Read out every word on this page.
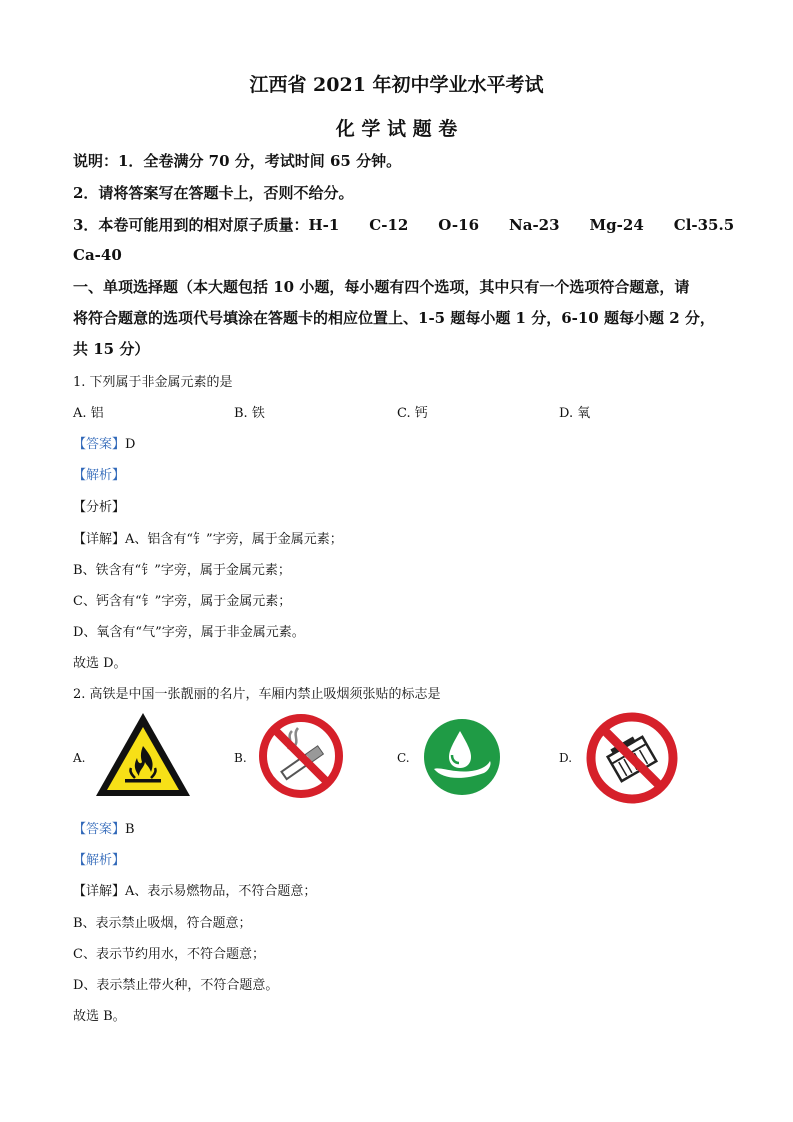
江西省 2021 年初中学业水平考试
化 学 试 题 卷
说明：1．全卷满分 70 分，考试时间 65 分钟。
2．请将答案写在答题卡上，否则不给分。
3．本卷可能用到的相对原子质量：H-1　　C-12　　O-16　　Na-23　　Mg-24　　Cl-35.5
Ca-40
一、单项选择题（本大题包括 10 小题，每小题有四个选项，其中只有一个选项符合题意，请
将符合题意的选项代号填涂在答题卡的相应位置上、1-5 题每小题 1 分，6-10 题每小题 2 分，
共 15 分）
1. 下列属于非金属元素的是
A. 铝	B. 铁	C. 钙	D. 氧
【答案】D
【解析】
【分析】
【详解】A、铝含有“钅”字旁，属于金属元素；
B、铁含有“钅”字旁，属于金属元素；
C、钙含有“钅”字旁，属于金属元素；
D、氧含有“气”字旁，属于非金属元素。
故选 D。
2. 高铁是中国一张靓丽的名片，车厢内禁止吸烟须张贴的标志是
A.	B.	C.	D.
【答案】B
【解析】
【详解】A、表示易燃物品，不符合题意；
B、表示禁止吸烟，符合题意；
C、表示节约用水，不符合题意；
D、表示禁止带火种，不符合题意。
故选 B。
